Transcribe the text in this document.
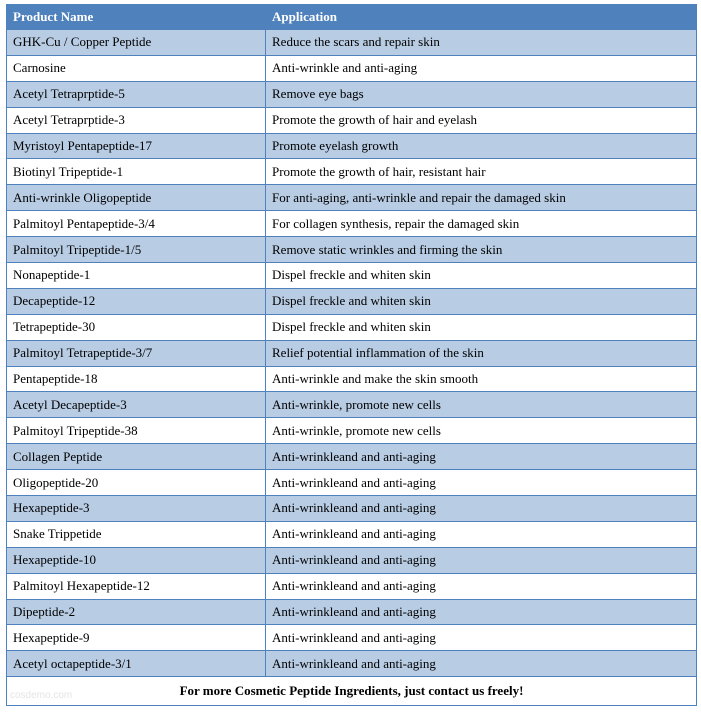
Product Name	Application
GHK-Cu / Copper Peptide	Reduce the scars and repair skin
Carnosine	Anti-wrinkle and anti-aging
Acetyl Tetraprptide-5	Remove eye bags
Acetyl Tetraprptide-3	Promote the growth of hair and eyelash
Myristoyl Pentapeptide-17	Promote eyelash growth
Biotinyl Tripeptide-1	Promote the growth of hair, resistant hair
Anti-wrinkle Oligopeptide	For anti-aging, anti-wrinkle and repair the damaged skin
Palmitoyl Pentapeptide-3/4	For collagen synthesis, repair the damaged skin
Palmitoyl Tripeptide-1/5	Remove static wrinkles and firming the skin
Nonapeptide-1	Dispel freckle and whiten skin
Decapeptide-12	Dispel freckle and whiten skin
Tetrapeptide-30	Dispel freckle and whiten skin
Palmitoyl Tetrapeptide-3/7	Relief potential inflammation of the skin
Pentapeptide-18	Anti-wrinkle and make the skin smooth
Acetyl Decapeptide-3	Anti-wrinkle, promote new cells
Palmitoyl Tripeptide-38	Anti-wrinkle, promote new cells
Collagen Peptide	Anti-wrinkleand and anti-aging
Oligopeptide-20	Anti-wrinkleand and anti-aging
Hexapeptide-3	Anti-wrinkleand and anti-aging
Snake Trippetide	Anti-wrinkleand and anti-aging
Hexapeptide-10	Anti-wrinkleand and anti-aging
Palmitoyl Hexapeptide-12	Anti-wrinkleand and anti-aging
Dipeptide-2	Anti-wrinkleand and anti-aging
Hexapeptide-9	Anti-wrinkleand and anti-aging
Acetyl octapeptide-3/1	Anti-wrinkleand and anti-aging
For more Cosmetic Peptide Ingredients, just contact us freely!	
cosdemo.com
